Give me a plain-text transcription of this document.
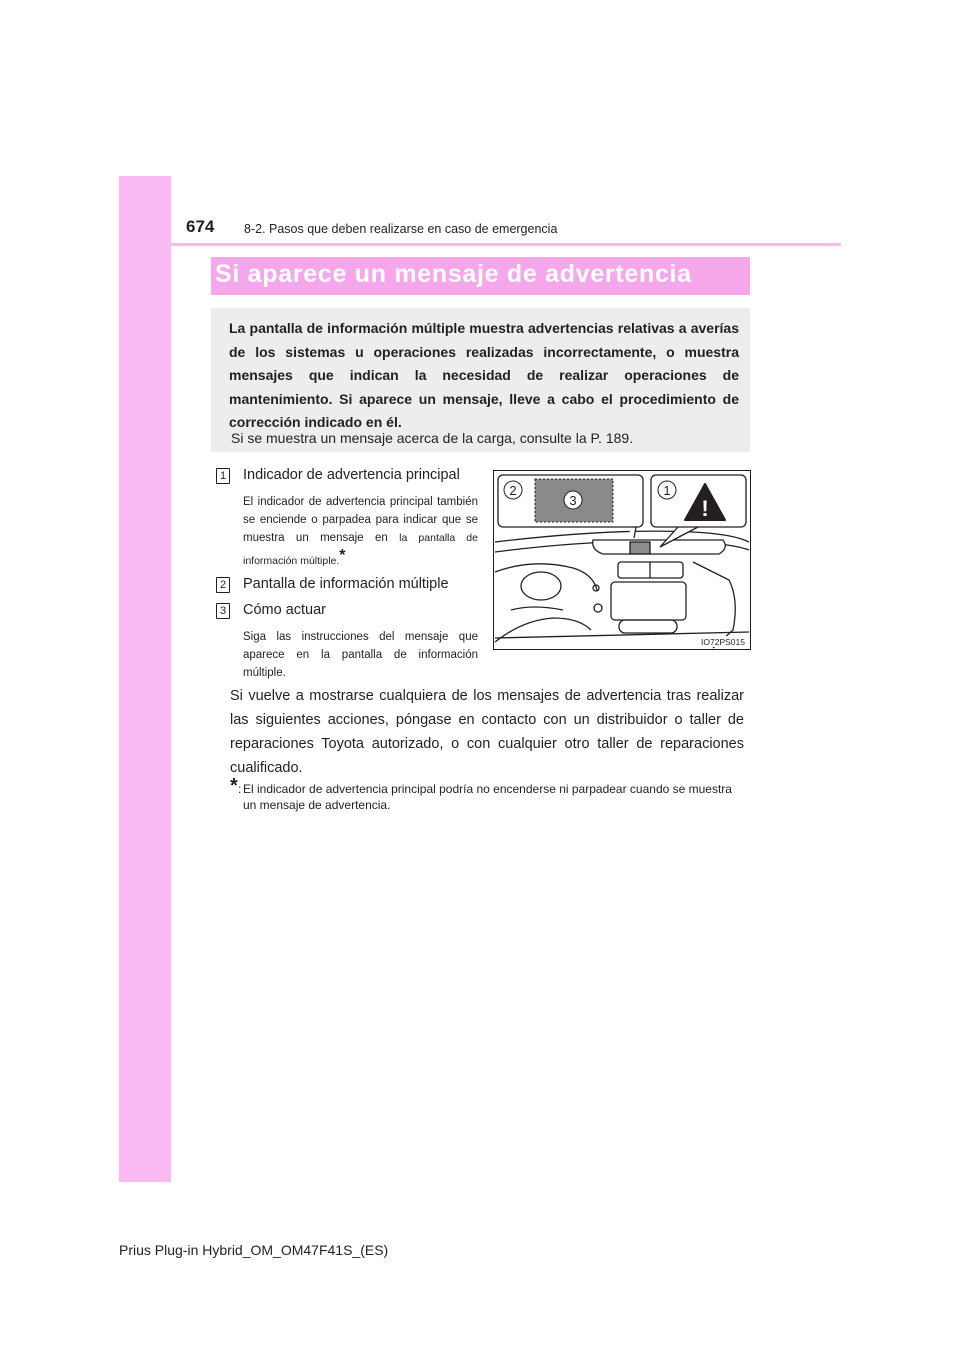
674 8-2. Pasos que deben realizarse en caso de emergencia
Si aparece un mensaje de advertencia

La pantalla de información múltiple muestra advertencias relativas a averías de los sistemas u operaciones realizadas incorrectamente, o muestra mensajes que indican la necesidad de realizar operaciones de mantenimiento. Si aparece un mensaje, lleve a cabo el procedimiento de corrección indicado en él.

Si se muestra un mensaje acerca de la carga, consulte la P. 189.

1 Indicador de advertencia principal

El indicador de advertencia principal también se enciende o parpadea para indicar que se muestra un mensaje en la pantalla de información múltiple.*

2 Pantalla de información múltiple
3 Cómo actuar

Siga las instrucciones del mensaje que aparece en la pantalla de información múltiple.

2
3
1
!
IO72PS015

Si vuelve a mostrarse cualquiera de los mensajes de advertencia tras realizar las siguientes acciones, póngase en contacto con un distribuidor o taller de reparaciones Toyota autorizado, o con cualquier otro taller de reparaciones cualificado.

* : El indicador de advertencia principal podría no encenderse ni parpadear cuando se muestra un mensaje de advertencia.

Prius Plug-in Hybrid_OM_OM47F41S_(ES)
